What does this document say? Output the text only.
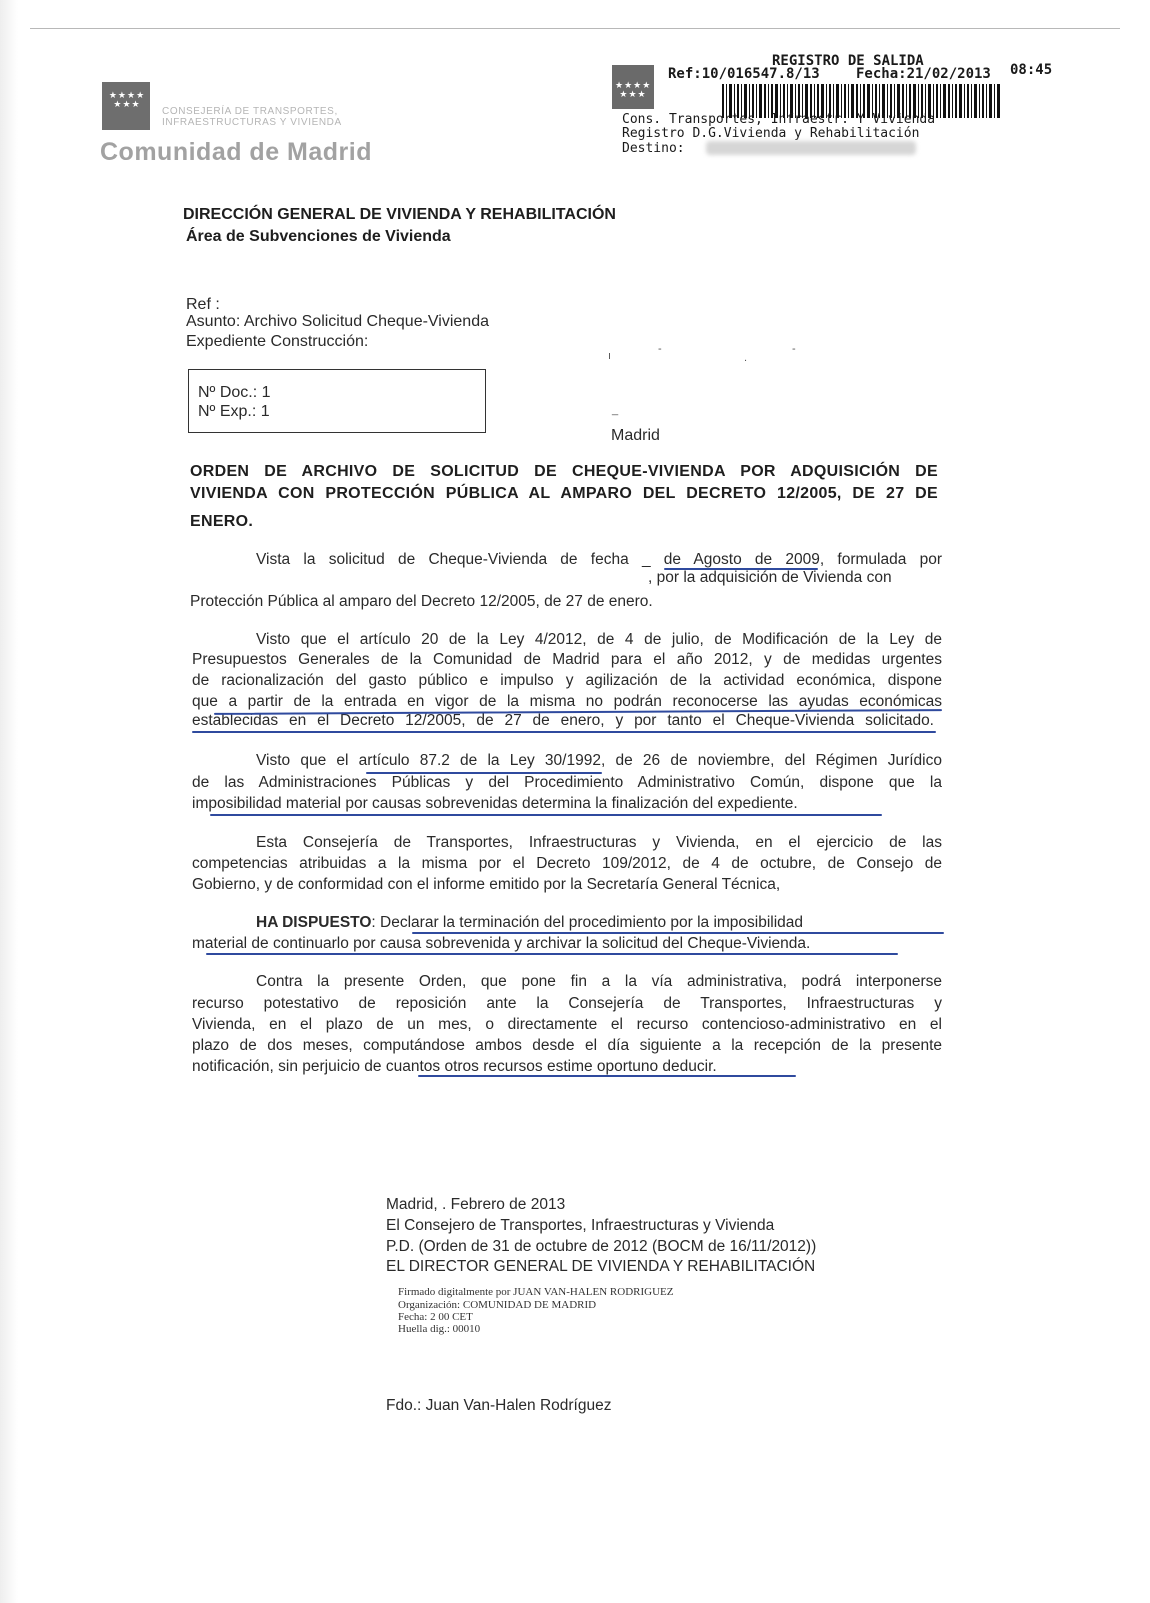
★★★★
★★★
CONSEJERÍA DE TRANSPORTES,
INFRAESTRUCTURAS Y VIVIENDA
Comunidad de Madrid
★★★★
★★★
REGISTRO DE SALIDA
Ref:10/016547.8/13	Fecha:21/02/2013 08:45
Cons. Transportes, Infraestr. Y Vivienda
Registro D.G.Vivienda y Rehabilitación
Destino:
DIRECCIÓN GENERAL DE VIVIENDA Y REHABILITACIÓN
Área de Subvenciones de Vivienda
Ref :
Asunto: Archivo Solicitud Cheque-Vivienda
Expediente Construcción:
Nº Doc.: 1
Nº Exp.: 1
ı
-
.
-
_
Madrid
ORDEN DE ARCHIVO DE SOLICITUD DE CHEQUE-VIVIENDA POR ADQUISICIÓN DE
VIVIENDA CON PROTECCIÓN PÚBLICA AL AMPARO DEL DECRETO 12/2005, DE 27 DE
ENERO.
Vista la solicitud de Cheque-Vivienda de fecha _ de Agosto de 2009, formulada por
, por la adquisición de Vivienda con
Protección Pública al amparo del Decreto 12/2005, de 27 de enero.
Visto que el artículo 20 de la Ley 4/2012, de 4 de julio, de Modificación de la Ley de
Presupuestos Generales de la Comunidad de Madrid para el año 2012, y de medidas urgentes
de racionalización del gasto público e impulso y agilización de la actividad económica, dispone
que a partir de la entrada en vigor de la misma no podrán reconocerse las ayudas económicas
establecidas en el Decreto 12/2005, de 27 de enero, y por tanto el Cheque-Vivienda solicitado.
Visto que el artículo 87.2 de la Ley 30/1992, de 26 de noviembre, del Régimen Jurídico
de las Administraciones Públicas y del Procedimiento Administrativo Común, dispone que la
imposibilidad material por causas sobrevenidas determina la finalización del expediente.
Esta Consejería de Transportes, Infraestructuras y Vivienda, en el ejercicio de las
competencias atribuidas a la misma por el Decreto 109/2012, de 4 de octubre, de Consejo de
Gobierno, y de conformidad con el informe emitido por la Secretaría General Técnica,
HA DISPUESTO: Declarar la terminación del procedimiento por la imposibilidad
material de continuarlo por causa sobrevenida y archivar la solicitud del Cheque-Vivienda.
Contra la presente Orden, que pone fin a la vía administrativa, podrá interponerse
recurso potestativo de reposición ante la Consejería de Transportes, Infraestructuras y
Vivienda, en el plazo de un mes, o directamente el recurso contencioso-administrativo en el
plazo de dos meses, computándose ambos desde el día siguiente a la recepción de la presente
notificación, sin perjuicio de cuantos otros recursos estime oportuno deducir.
Madrid, . Febrero de 2013
El Consejero de Transportes, Infraestructuras y Vivienda
P.D. (Orden de 31 de octubre de 2012 (BOCM de 16/11/2012))
EL DIRECTOR GENERAL DE VIVIENDA Y REHABILITACIÓN
Firmado digitalmente por JUAN VAN-HALEN RODRIGUEZ
Organización: COMUNIDAD DE MADRID
Fecha: 2 00 CET
Huella dig.: 00010
Fdo.: Juan Van-Halen Rodríguez
